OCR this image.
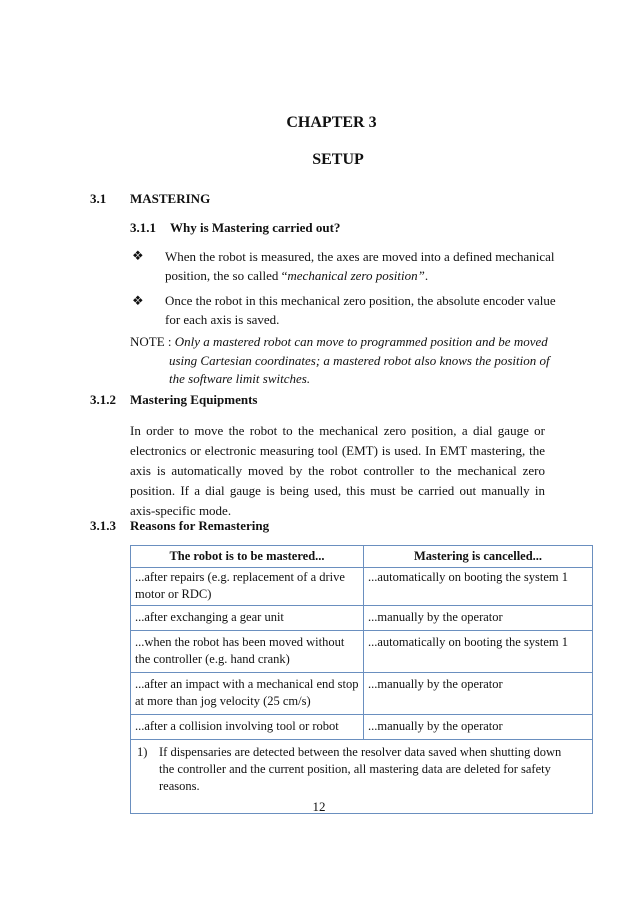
CHAPTER 3
SETUP
3.1 MASTERING
3.1.1 Why is Mastering carried out?
❖ When the robot is measured, the axes are moved into a defined mechanical
position, the so called “mechanical zero position”.
❖ Once the robot in this mechanical zero position, the absolute encoder value
for each axis is saved.
NOTE : Only a mastered robot can move to programmed position and be moved
using Cartesian coordinates; a mastered robot also knows the position of
the software limit switches.
3.1.2 Mastering Equipments
In order to move the robot to the mechanical zero position, a dial gauge or electronics or electronic measuring tool (EMT) is used. In EMT mastering, the axis is automatically moved by the robot controller to the mechanical zero position. If a dial gauge is being used, this must be carried out manually in axis-specific mode.
3.1.3 Reasons for Remastering
The robot is to be mastered...	Mastering is cancelled...
...after repairs (e.g. replacement of a drive motor or RDC)	...automatically on booting the system 1
...after exchanging a gear unit	...manually by the operator
...when the robot has been moved without the controller (e.g. hand crank)	...automatically on booting the system 1
...after an impact with a mechanical end stop at more than jog velocity (25 cm/s)	...manually by the operator
...after a collision involving tool or robot	...manually by the operator
1) If dispensaries are detected between the resolver data saved when shutting down the controller and the current position, all mastering data are deleted for safety reasons.	
12
